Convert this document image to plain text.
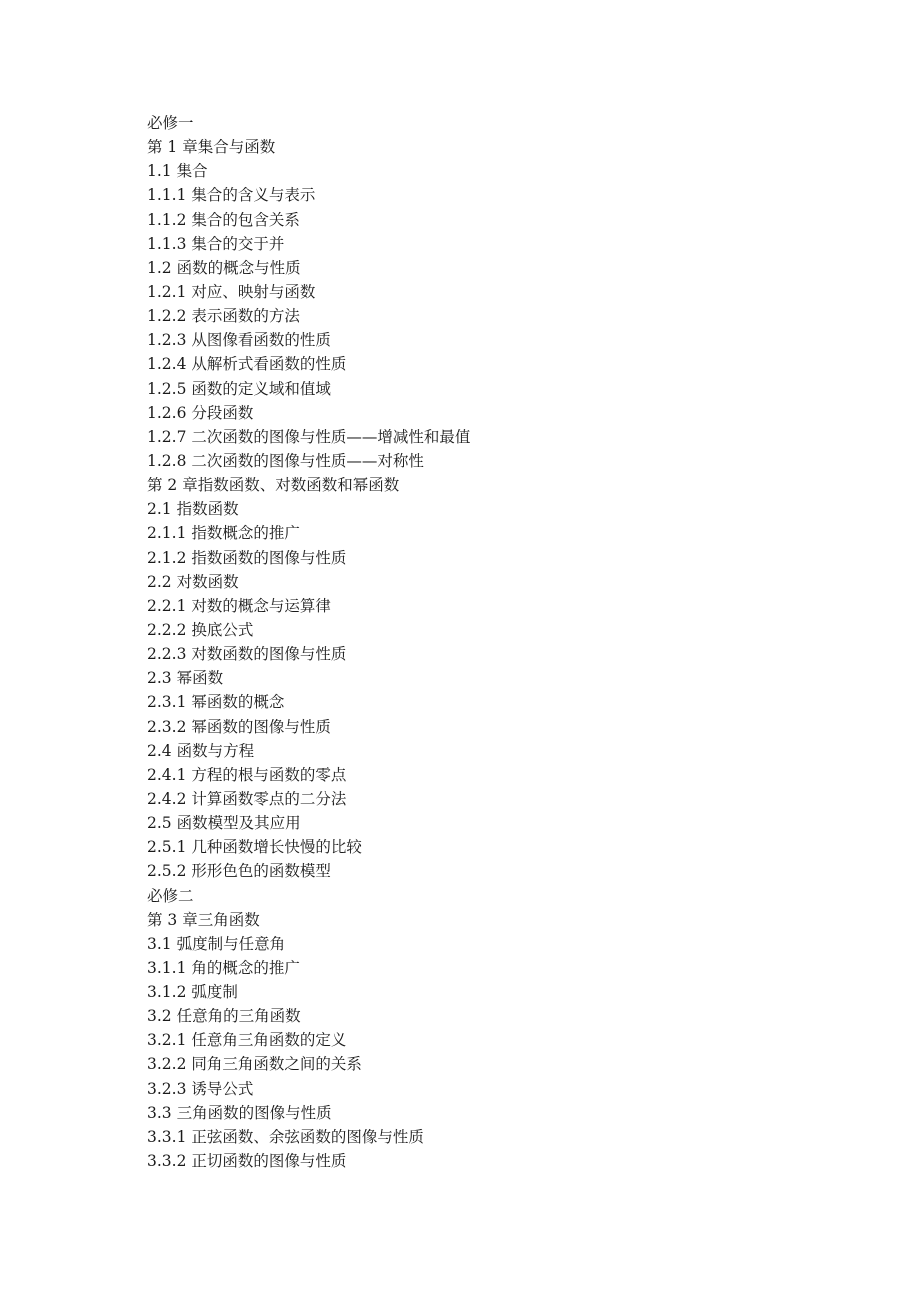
必修一
第 1 章集合与函数
1.1 集合
1.1.1 集合的含义与表示
1.1.2 集合的包含关系
1.1.3 集合的交于并
1.2 函数的概念与性质
1.2.1 对应、映射与函数
1.2.2 表示函数的方法
1.2.3 从图像看函数的性质
1.2.4 从解析式看函数的性质
1.2.5 函数的定义域和值域
1.2.6 分段函数
1.2.7 二次函数的图像与性质——增减性和最值
1.2.8 二次函数的图像与性质——对称性
第 2 章指数函数、对数函数和幂函数
2.1 指数函数
2.1.1 指数概念的推广
2.1.2 指数函数的图像与性质
2.2 对数函数
2.2.1 对数的概念与运算律
2.2.2 换底公式
2.2.3 对数函数的图像与性质
2.3 幂函数
2.3.1 幂函数的概念
2.3.2 幂函数的图像与性质
2.4 函数与方程
2.4.1 方程的根与函数的零点
2.4.2 计算函数零点的二分法
2.5 函数模型及其应用
2.5.1 几种函数增长快慢的比较
2.5.2 形形色色的函数模型
必修二
第 3 章三角函数
3.1 弧度制与任意角
3.1.1 角的概念的推广
3.1.2 弧度制
3.2 任意角的三角函数
3.2.1 任意角三角函数的定义
3.2.2 同角三角函数之间的关系
3.2.3 诱导公式
3.3 三角函数的图像与性质
3.3.1 正弦函数、余弦函数的图像与性质
3.3.2 正切函数的图像与性质
